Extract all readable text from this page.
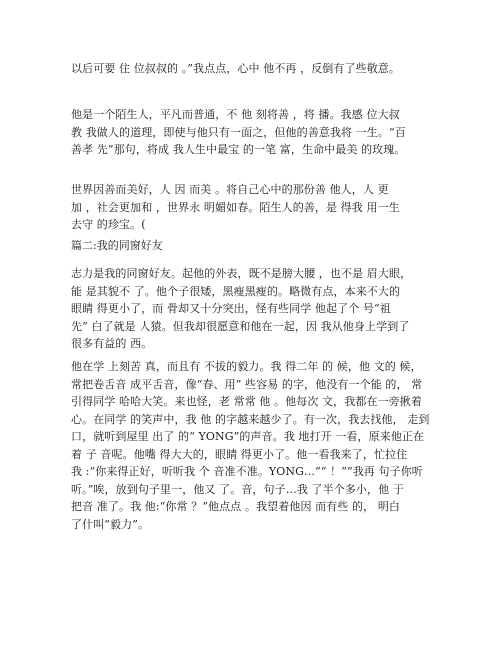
以后可要 住 位叔叔的 。”我点点，心中 他不再 ，反倒有了些敬意。
他是一个陌生人，平凡而普通，不 他 刻将善 ，将 播。我感 位大叔
教 我做人的道理，即使与他只有一面之，但他的善意我将 一生。“百
善孝 先”那句，将成 我人生中最宝 的一笔 富，生命中最美 的玫瑰。
世界因善而美好，人 因 而美 。将自己心中的那份善 他人，人 更
加 ，社会更加和 ，世界永 明媚如春。陌生人的善，是 得我 用一生
去守 的珍宝。(
篇二:我的同窗好友
志力是我的同窗好友。起他的外表，既不是膀大腰 ，也不是 眉大眼，
能 是其貌不 了。他个子很矮，黑瘦黑瘦的。略微有点，本来不大的
眼睛 得更小了，而 骨却又十分突出，怪有些同学 他起了个 号“祖
先” 白了就是 人猿。但我却很愿意和他在一起，因 我从他身上学到了
很多有益的 西。
他在学 上刻苦 真，而且有 不拔的毅力。我 得二年 的 候，他 文的 候，
常把卷舌音 成平舌音，像“春、用” 些容易 的字，他没有一个能 的， 常
引得同学 哈哈大笑。来也怪，老 常常 他 。他每次 文，我都在一旁揪着
心。在同学 的笑声中，我 他 的字越来越少了。有一次，我去找他， 走到
口，就听到屋里 出了 的“ YONG”的声音。我 地打开 一看，原来他正在
着 子 音呢。他嘴 得大大的，眼睛 得更小了。他一看我来了，忙拉住
我 :“你来得正好，听听我 个 音准不准。YONG…”“ ！”“我再 句子你听
听。”唉，放到句子里一，他又 了。音，句子…我 了半个多小，他 于
把音 准了。我 他:“你常 ？”他点点 。我望着他因 而有些 的， 明白
了什叫“毅力”。
